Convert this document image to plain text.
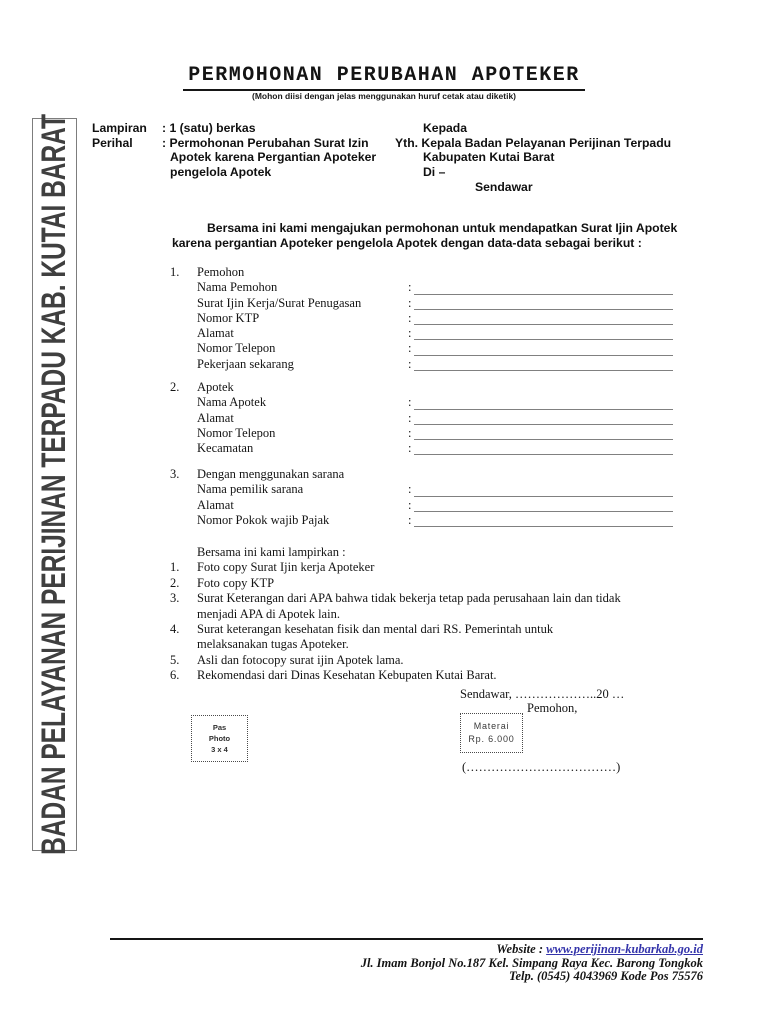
PERMOHONAN PERUBAHAN APOTEKER
(Mohon diisi dengan jelas menggunakan huruf cetak atau diketik)
BADAN PELAYANAN PERIJINAN TERPADU KAB. KUTAI BARAT Lampiran : 1 (satu) berkas
Perihal : Permohonan Perubahan Surat Izin
Apotek karena Pergantian Apoteker
pengelola Apotek
Kepada
Yth. Kepala Badan Pelayanan Perijinan Terpadu
Kabupaten Kutai Barat
Di –
Sendawar
Bersama ini kami mengajukan permohonan untuk mendapatkan Surat Ijin Apotek
karena pergantian Apoteker pengelola Apotek dengan data-data sebagai berikut :
1. Pemohon
Nama Pemohon	:
Surat Ijin Kerja/Surat Penugasan	:
Nomor KTP	:
Alamat	:
Nomor Telepon	:
Pekerjaan sekarang	:
2. Apotek
Nama Apotek	:
Alamat	:
Nomor Telepon	:
Kecamatan	:
3. Dengan menggunakan sarana
Nama pemilik sarana	:
Alamat	:
Nomor Pokok wajib Pajak	:
Bersama ini kami lampirkan :
1. Foto copy Surat Ijin kerja Apoteker
2. Foto copy KTP
3. Surat Keterangan dari APA bahwa tidak bekerja tetap pada perusahaan lain dan tidak
menjadi APA di Apotek lain.
4. Surat keterangan kesehatan fisik dan mental dari RS. Pemerintah untuk
melaksanakan tugas Apoteker.
5. Asli dan fotocopy surat ijin Apotek lama.
6. Rekomendasi dari Dinas Kesehatan Kebupaten Kutai Barat.
Sendawar, ………………..20 …
Pemohon,
Pas
Photo
3 x 4
Materai
Rp. 6.000
(………………………………)
Website : www.perijinan-kubarkab.go.id
Jl. Imam Bonjol No.187 Kel. Simpang Raya Kec. Barong Tongkok
Telp. (0545) 4043969 Kode Pos 75576
